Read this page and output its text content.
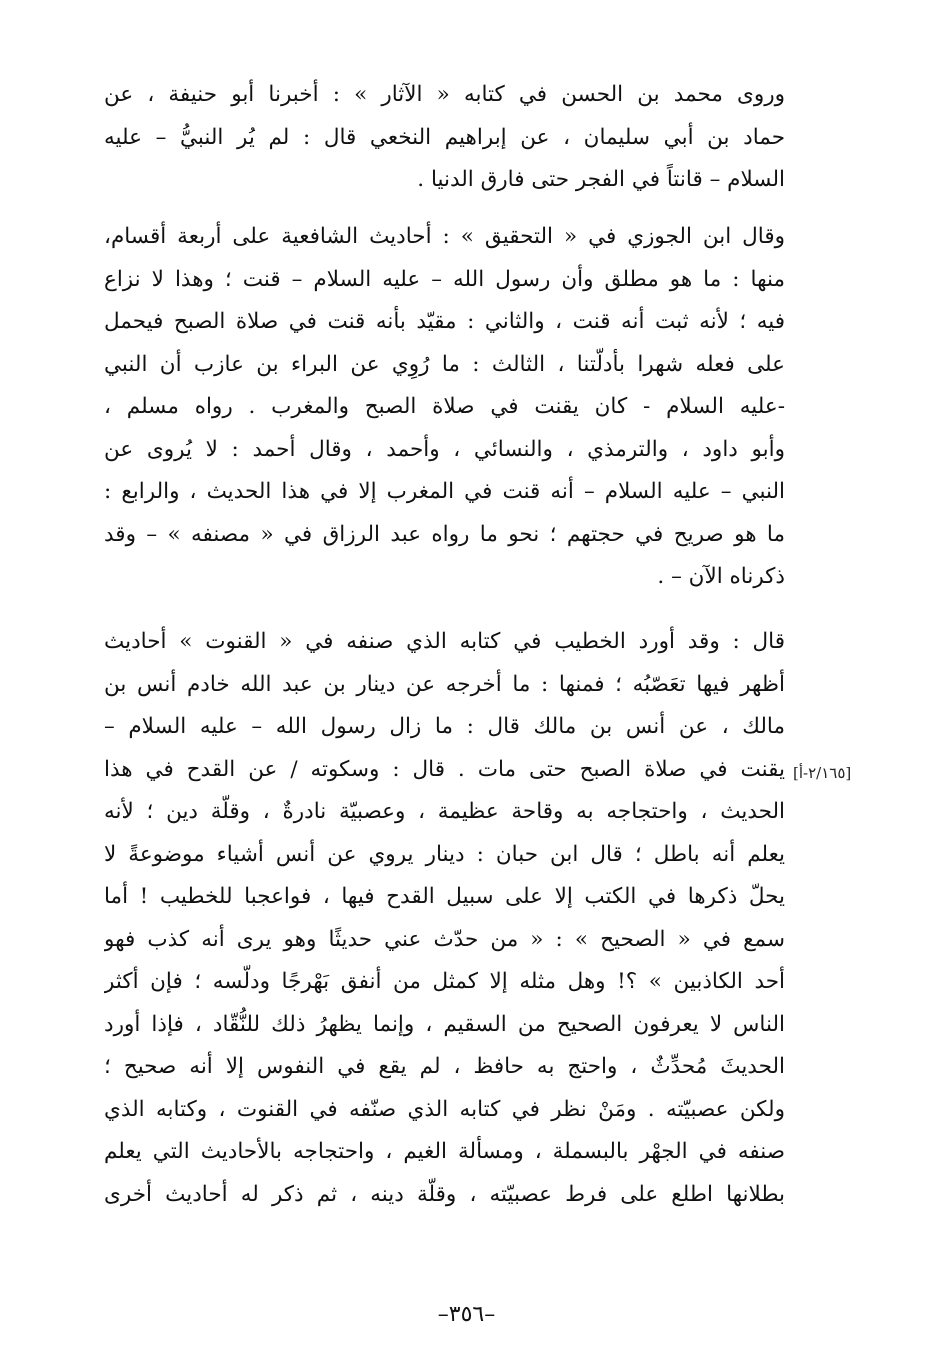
وروى محمد بن الحسن في كتابه « الآثار » : أخبرنا أبو حنيفة ، عن
حماد بن أبي سليمان ، عن إبراهيم النخعي قال : لم يُر النبيُّ – عليه
السلام – قانتاً في الفجر حتى فارق الدنيا .
وقال ابن الجوزي في « التحقيق » : أحاديث الشافعية على أربعة أقسام،
منها : ما هو مطلق وأن رسول الله – عليه السلام – قنت ؛ وهذا لا نزاع
فيه ؛ لأنه ثبت أنه قنت ، والثاني : مقيّد بأنه قنت في صلاة الصبح فيحمل
على فعله شهرا بأدلّتنا ، الثالث : ما رُوِي عن البراء بن عازب أن النبي
-عليه السلام - كان يقنت في صلاة الصبح والمغرب . رواه مسلم ،
وأبو داود ، والترمذي ، والنسائي ، وأحمد ، وقال أحمد : لا يُروى عن
النبي – عليه السلام – أنه قنت في المغرب إلا في هذا الحديث ، والرابع :
ما هو صريح في حجتهم ؛ نحو ما رواه عبد الرزاق في « مصنفه » – وقد
ذكرناه الآن – .
قال : وقد أورد الخطيب في كتابه الذي صنفه في « القنوت » أحاديث
أظهر فيها تعَصّبُه ؛ فمنها : ما أخرجه عن دينار بن عبد الله خادم أنس بن
مالك ، عن أنس بن مالك قال : ما زال رسول الله – عليه السلام –
يقنت في صلاة الصبح حتى مات . قال : وسكوته / عن القدح في هذا
الحديث ، واحتجاجه به وقاحة عظيمة ، وعصبيّة نادرةٌ ، وقلّة دين ؛ لأنه
يعلم أنه باطل ؛ قال ابن حبان : دينار يروي عن أنس أشياء موضوعةً لا
يحلّ ذكرها في الكتب إلا على سبيل القدح فيها ، فواعجبا للخطيب ! أما
سمع في « الصحيح » : « من حدّث عني حديثًا وهو يرى أنه كذب فهو
أحد الكاذبين » ؟! وهل مثله إلا كمثل من أنفق بَهْرجًا ودلّسه ؛ فإن أكثر
الناس لا يعرفون الصحيح من السقيم ، وإنما يظهرُ ذلك للنُّقّاد ، فإذا أورد
الحديثَ مُحدِّثٌ ، واحتج به حافظ ، لم يقع في النفوس إلا أنه صحيح ؛
ولكن عصبيّته . ومَنْ نظر في كتابه الذي صنّفه في القنوت ، وكتابه الذي
صنفه في الجهْر بالبسملة ، ومسألة الغيم ، واحتجاجه بالأحاديث التي يعلم
بطلانها اطلع على فرط عصبيّته ، وقلّة دينه ، ثم ذكر له أحاديث أخرى
[٢/١٦٥-أ]
–٣٥٦–
